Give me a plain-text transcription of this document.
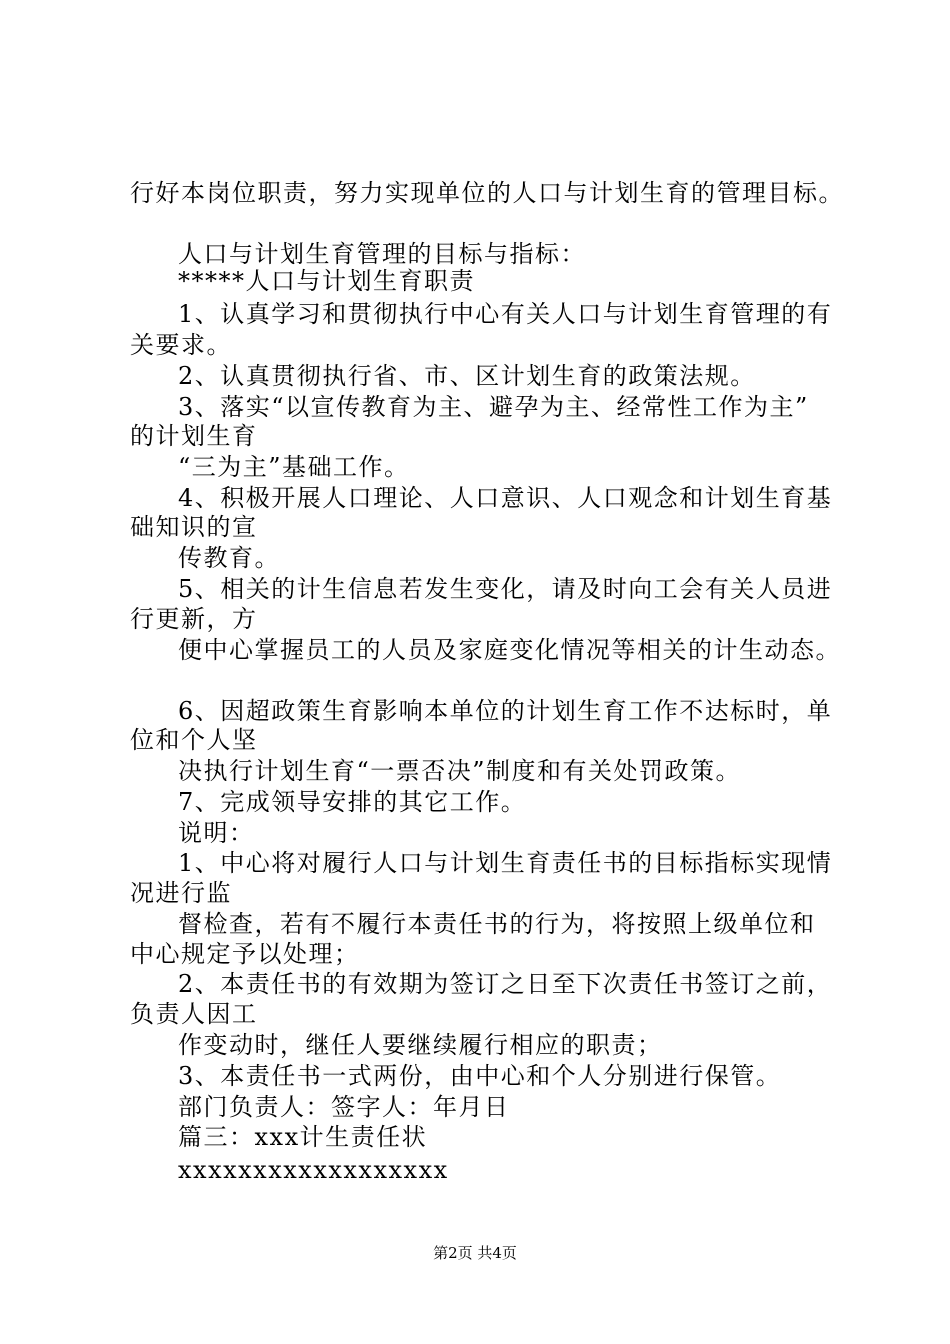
行好本岗位职责，努力实现单位的人口与计划生育的管理目标。
人口与计划生育管理的目标与指标：
*****人口与计划生育职责
1、认真学习和贯彻执行中心有关人口与计划生育管理的有
关要求。
2、认真贯彻执行省、市、区计划生育的政策法规。
3、落实“以宣传教育为主、避孕为主、经常性工作为主”
的计划生育
“三为主”基础工作。
4、积极开展人口理论、人口意识、人口观念和计划生育基
础知识的宣
传教育。
5、相关的计生信息若发生变化，请及时向工会有关人员进
行更新，方
便中心掌握员工的人员及家庭变化情况等相关的计生动态。
6、因超政策生育影响本单位的计划生育工作不达标时，单
位和个人坚
决执行计划生育“一票否决”制度和有关处罚政策。
7、完成领导安排的其它工作。
说明：
1、中心将对履行人口与计划生育责任书的目标指标实现情
况进行监
督检查，若有不履行本责任书的行为，将按照上级单位和
中心规定予以处理；
2、本责任书的有效期为签订之日至下次责任书签订之前，
负责人因工
作变动时，继任人要继续履行相应的职责；
3、本责任书一式两份，由中心和个人分别进行保管。
部门负责人：签字人：年月日
篇三：xxx计生责任状
xxxxxxxxxxxxxxxxxx
第2页 共4页
